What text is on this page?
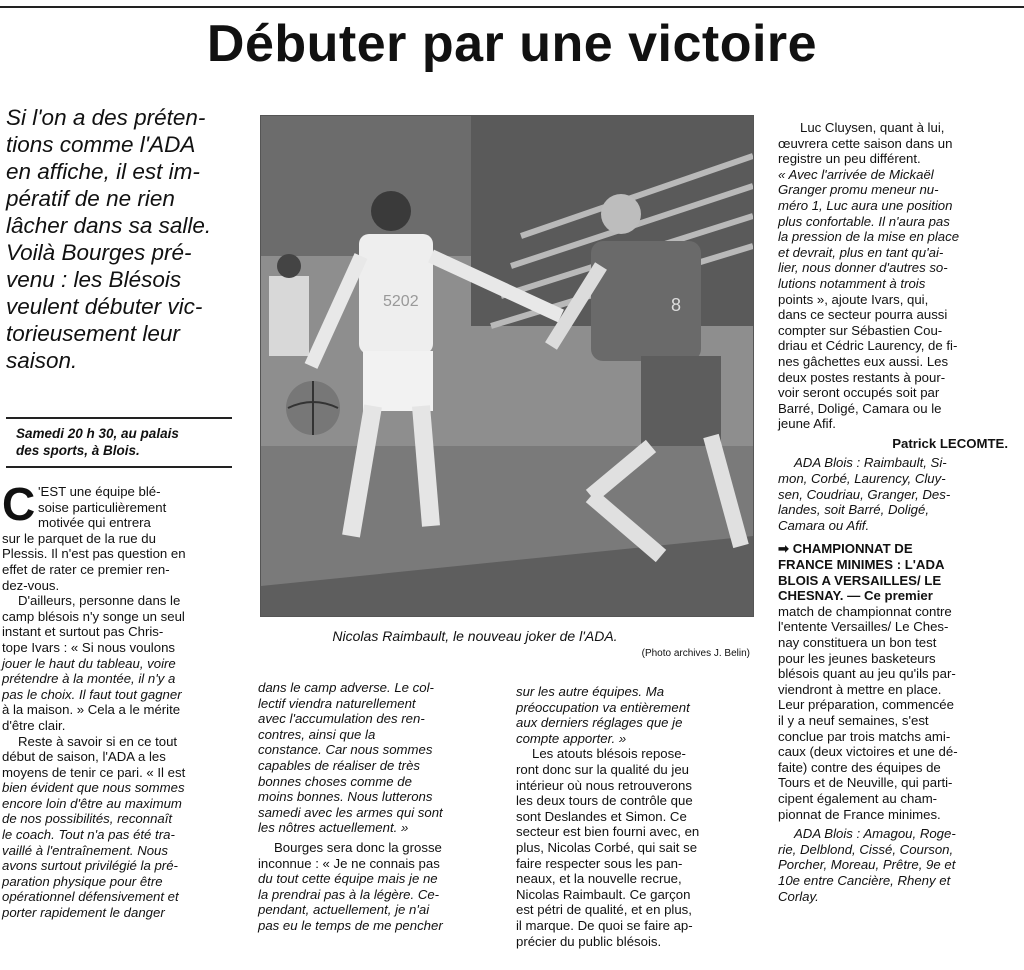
Débuter par une victoire
Si l'on a des préten-
tions comme l'ADA
en affiche, il est im-
pératif de ne rien
lâcher dans sa salle.
Voilà Bourges pré-
venu : les Blésois
veulent débuter vic-
torieusement leur
saison.
Samedi 20 h 30, au palais
des sports, à Blois.
C 'EST une équipe blé-
soise particulièrement
motivée qui entrera
sur le parquet de la rue du
Plessis. Il n'est pas question en
effet de rater ce premier ren-
dez-vous.
D'ailleurs, personne dans le
camp blésois n'y songe un seul
instant et surtout pas Chris-
tope Ivars : « Si nous voulons
jouer le haut du tableau, voire
prétendre à la montée, il n'y a
pas le choix. Il faut tout gagner
à la maison. » Cela a le mérite
d'être clair.
Reste à savoir si en ce tout
début de saison, l'ADA a les
moyens de tenir ce pari. « Il est
bien évident que nous sommes
encore loin d'être au maximum
de nos possibilités, reconnaît
le coach. Tout n'a pas été tra-
vaillé à l'entraînement. Nous
avons surtout privilégié la pré-
paration physique pour être
opérationnel défensivement et
porter rapidement le danger
5202	8
Nicolas Raimbault, le nouveau joker de l'ADA.
(Photo archives J. Belin)
dans le camp adverse. Le col-
lectif viendra naturellement
avec l'accumulation des ren-
contres, ainsi que la
constance. Car nous sommes
capables de réaliser de très
bonnes choses comme de
moins bonnes. Nous lutterons
samedi avec les armes qui sont
les nôtres actuellement. »
Bourges sera donc la grosse
inconnue : « Je ne connais pas
du tout cette équipe mais je ne
la prendrai pas à la légère. Ce-
pendant, actuellement, je n'ai
pas eu le temps de me pencher
sur les autre équipes. Ma
préoccupation va entièrement
aux derniers réglages que je
compte apporter. »
Les atouts blésois repose-
ront donc sur la qualité du jeu
intérieur où nous retrouverons
les deux tours de contrôle que
sont Deslandes et Simon. Ce
secteur est bien fourni avec, en
plus, Nicolas Corbé, qui sait se
faire respecter sous les pan-
neaux, et la nouvelle recrue,
Nicolas Raimbault. Ce garçon
est pétri de qualité, et en plus,
il marque. De quoi se faire ap-
précier du public blésois.
Luc Cluysen, quant à lui,
œuvrera cette saison dans un
registre un peu différent.
« Avec l'arrivée de Mickaël
Granger promu meneur nu-
méro 1, Luc aura une position
plus confortable. Il n'aura pas
la pression de la mise en place
et devrait, plus en tant qu'ai-
lier, nous donner d'autres so-
lutions notamment à trois
points », ajoute Ivars, qui,
dans ce secteur pourra aussi
compter sur Sébastien Cou-
driau et Cédric Laurency, de fi-
nes gâchettes eux aussi. Les
deux postes restants à pour-
voir seront occupés soit par
Barré, Doligé, Camara ou le
jeune Afif.
Patrick LECOMTE.
ADA Blois : Raimbault, Si-
mon, Corbé, Laurency, Cluy-
sen, Coudriau, Granger, Des-
landes, soit Barré, Doligé,
Camara ou Afif.
➡ CHAMPIONNAT DE
FRANCE MINIMES : L'ADA
BLOIS A VERSAILLES/ LE
CHESNAY. — Ce premier
match de championnat contre
l'entente Versailles/ Le Ches-
nay constituera un bon test
pour les jeunes basketeurs
blésois quant au jeu qu'ils par-
viendront à mettre en place.
Leur préparation, commencée
il y a neuf semaines, s'est
conclue par trois matchs ami-
caux (deux victoires et une dé-
faite) contre des équipes de
Tours et de Neuville, qui parti-
cipent également au cham-
pionnat de France minimes.
ADA Blois : Amagou, Roge-
rie, Delblond, Cissé, Courson,
Porcher, Moreau, Prêtre, 9e et
10e entre Cancière, Rheny et
Corlay.
